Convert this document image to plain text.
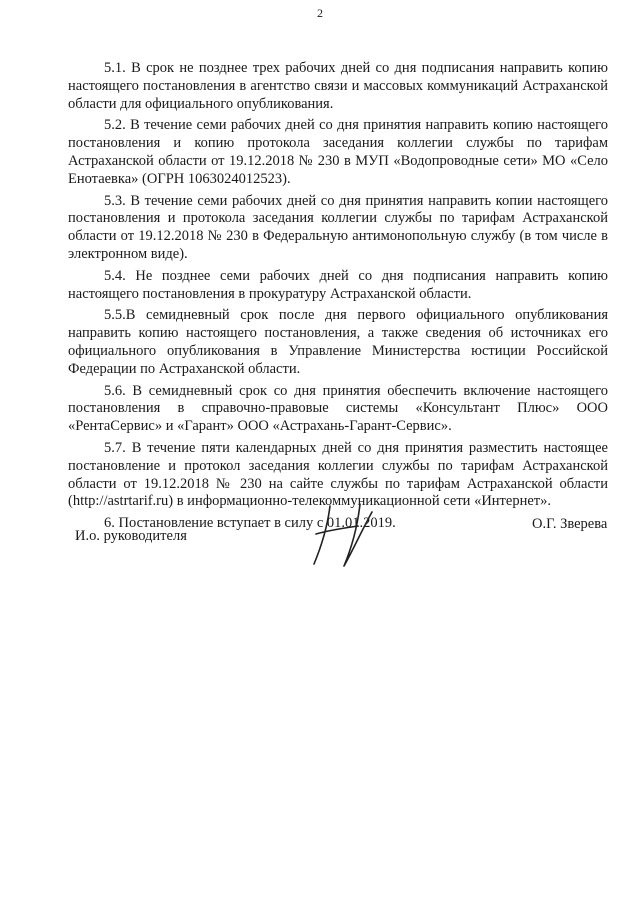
2

5.1. В срок не позднее трех рабочих дней со дня подписания направить копию настоящего постановления в агентство связи и массовых коммуникаций Астраханской области для официального опубликования.

5.2. В течение семи рабочих дней со дня принятия направить копию настоящего постановления и копию протокола заседания коллегии службы по тарифам Астраханской области от 19.12.2018 № 230 в МУП «Водопроводные сети» МО «Село Енотаевка» (ОГРН 1063024012523).

5.3. В течение семи рабочих дней со дня принятия направить копии настоящего постановления и протокола заседания коллегии службы по тарифам Астраханской области от 19.12.2018 № 230 в Федеральную антимонопольную службу (в том числе в электронном виде).

5.4. Не позднее семи рабочих дней со дня подписания направить копию настоящего постановления в прокуратуру Астраханской области.

5.5.В семидневный срок после дня первого официального опубликования направить копию настоящего постановления, а также сведения об источниках его официального опубликования в Управление Министерства юстиции Российской Федерации по Астраханской области.

5.6. В семидневный срок со дня принятия обеспечить включение настоящего постановления в справочно-правовые системы «Консультант Плюс» ООО «РентаСервис» и «Гарант» ООО «Астрахань-Гарант-Сервис».

5.7. В течение пяти календарных дней со дня принятия разместить настоящее постановление и протокол заседания коллегии службы по тарифам Астраханской области от 19.12.2018 № 230 на сайте службы по тарифам Астраханской области (http://astrtarif.ru) в информационно-телекоммуникационной сети «Интернет».

6. Постановление вступает в силу с 01.01.2019.

И.о. руководителя
О.Г. Зверева
